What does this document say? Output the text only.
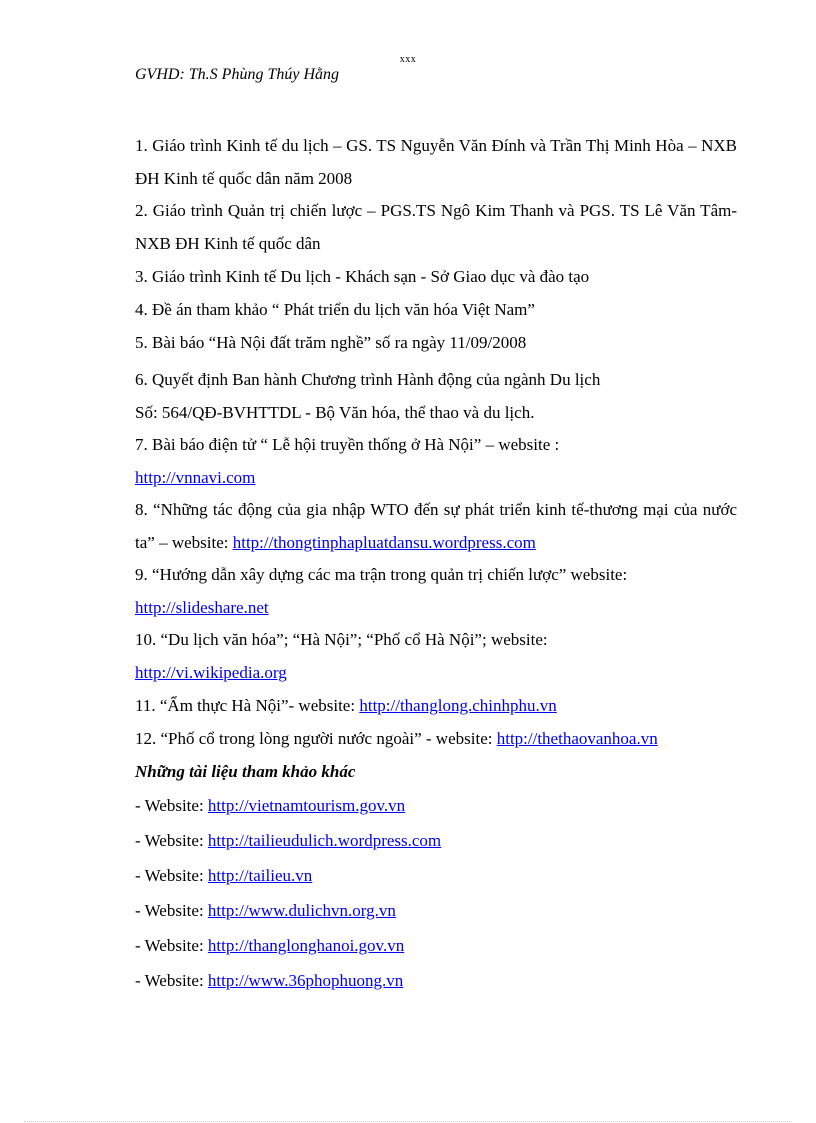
xxx
GVHD: Th.S Phùng Thúy Hằng

1. Giáo trình Kinh tế du lịch – GS. TS Nguyễn Văn Đính và Trần Thị Minh Hòa – NXB ĐH Kinh tế quốc dân năm 2008

2. Giáo trình Quản trị chiến lược – PGS.TS Ngô Kim Thanh và PGS. TS Lê Văn Tâm-NXB ĐH Kinh tế quốc dân

3. Giáo trình Kinh tế Du lịch - Khách sạn - Sở Giao dục và đào tạo

4. Đề án tham khảo “ Phát triển du lịch văn hóa Việt Nam”

5. Bài báo “Hà Nội đất trăm nghề” số ra ngày 11/09/2008

6. Quyết định Ban hành Chương trình Hành động của ngành Du lịch

Số: 564/QĐ-BVHTTDL - Bộ Văn hóa, thể thao và du lịch.

7. Bài báo điện tử “ Lễ hội truyền thống ở Hà Nội” – website :
http://vnnavi.com

8. “Những tác động của gia nhập WTO đến sự phát triển kinh tế-thương mại của nước ta” – website: http://thongtinphapluatdansu.wordpress.com

9. “Hướng dẫn xây dựng các ma trận trong quản trị chiến lược” website:
http://slideshare.net

10. “Du lịch văn hóa”; “Hà Nội”; “Phố cổ Hà Nội”; website:
http://vi.wikipedia.org

11. “Ẩm thực Hà Nội”- website: http://thanglong.chinhphu.vn

12. “Phố cổ trong lòng người nước ngoài” - website: http://thethaovanhoa.vn

Những tài liệu tham khảo khác

- Website: http://vietnamtourism.gov.vn

- Website: http://tailieudulich.wordpress.com

- Website: http://tailieu.vn

- Website: http://www.dulichvn.org.vn

- Website: http://thanglonghanoi.gov.vn

- Website: http://www.36phophuong.vn
